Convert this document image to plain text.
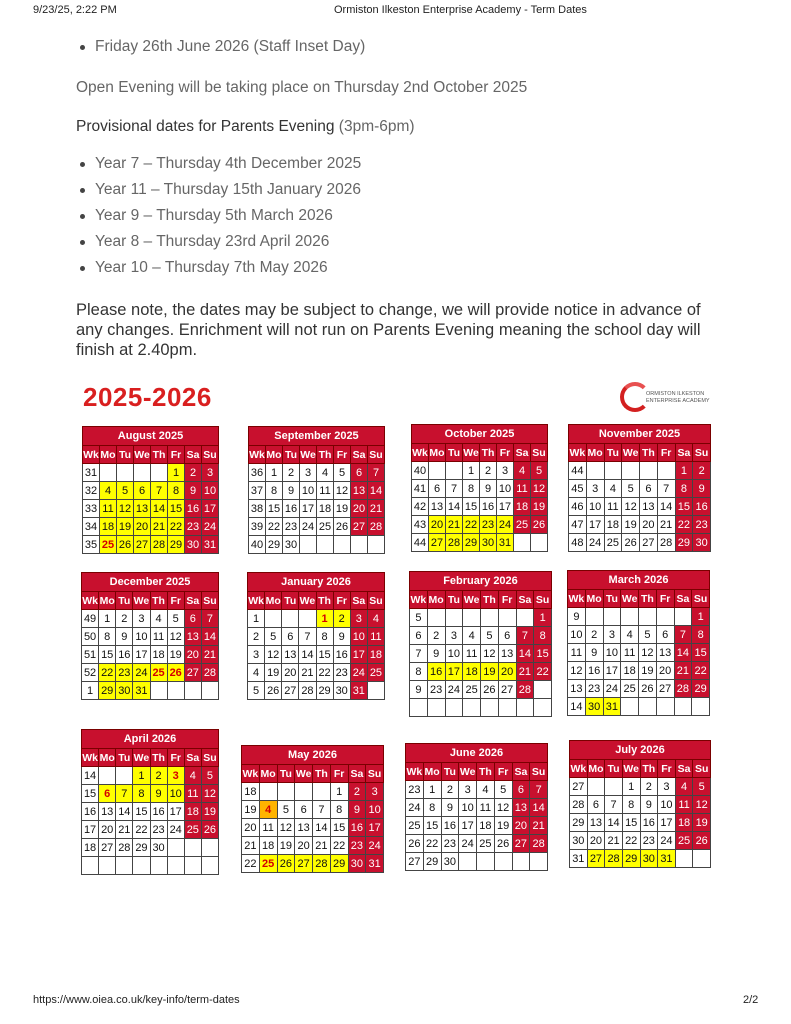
9/23/25, 2:22 PM	Ormiston Ilkeston Enterprise Academy - Term Dates
Friday 26th June 2026 (Staff Inset Day)
Open Evening will be taking place on Thursday 2nd October 2025
Provisional dates for Parents Evening (3pm-6pm)
Year 7 – Thursday 4th December 2025
Year 11 – Thursday 15th January 2026
Year 9 – Thursday 5th March 2026
Year 8 – Thursday 23rd April 2026
Year 10 – Thursday 7th May 2026
Please note, the dates may be subject to change, we will provide notice in advance of any changes. Enrichment will not run on Parents Evening meaning the school day will finish at 2.40pm.
2025-2026	ORMISTON ILKESTON
ENTERPRISE ACADEMY
August 2025							
Wk	Mo	Tu	We	Th	Fr	Sa	Su
31					1	2	3
32	4	5	6	7	8	9	10
33	11	12	13	14	15	16	17
34	18	19	20	21	22	23	24
35	25	26	27	28	29	30	31
September 2025							
Wk	Mo	Tu	We	Th	Fr	Sa	Su
36	1	2	3	4	5	6	7
37	8	9	10	11	12	13	14
38	15	16	17	18	19	20	21
39	22	23	24	25	26	27	28
40	29	30					
October 2025							
Wk	Mo	Tu	We	Th	Fr	Sa	Su
40			1	2	3	4	5
41	6	7	8	9	10	11	12
42	13	14	15	16	17	18	19
43	20	21	22	23	24	25	26
44	27	28	29	30	31		
November 2025							
Wk	Mo	Tu	We	Th	Fr	Sa	Su
44						1	2
45	3	4	5	6	7	8	9
46	10	11	12	13	14	15	16
47	17	18	19	20	21	22	23
48	24	25	26	27	28	29	30
December 2025							
Wk	Mo	Tu	We	Th	Fr	Sa	Su
49	1	2	3	4	5	6	7
50	8	9	10	11	12	13	14
51	15	16	17	18	19	20	21
52	22	23	24	25	26	27	28
1	29	30	31				
January 2026							
Wk	Mo	Tu	We	Th	Fr	Sa	Su
1				1	2	3	4
2	5	6	7	8	9	10	11
3	12	13	14	15	16	17	18
4	19	20	21	22	23	24	25
5	26	27	28	29	30	31	
February 2026							
Wk	Mo	Tu	We	Th	Fr	Sa	Su
5							1
6	2	3	4	5	6	7	8
7	9	10	11	12	13	14	15
8	16	17	18	19	20	21	22
9	23	24	25	26	27	28	

March 2026							
Wk	Mo	Tu	We	Th	Fr	Sa	Su
9							1
10	2	3	4	5	6	7	8
11	9	10	11	12	13	14	15
12	16	17	18	19	20	21	22
13	23	24	25	26	27	28	29
14	30	31					
April 2026							
Wk	Mo	Tu	We	Th	Fr	Sa	Su
14			1	2	3	4	5
15	6	7	8	9	10	11	12
16	13	14	15	16	17	18	19
17	20	21	22	23	24	25	26
18	27	28	29	30			

May 2026							
Wk	Mo	Tu	We	Th	Fr	Sa	Su
18					1	2	3
19	4	5	6	7	8	9	10
20	11	12	13	14	15	16	17
21	18	19	20	21	22	23	24
22	25	26	27	28	29	30	31
June 2026							
Wk	Mo	Tu	We	Th	Fr	Sa	Su
23	1	2	3	4	5	6	7
24	8	9	10	11	12	13	14
25	15	16	17	18	19	20	21
26	22	23	24	25	26	27	28
27	29	30					
July 2026							
Wk	Mo	Tu	We	Th	Fr	Sa	Su
27			1	2	3	4	5
28	6	7	8	9	10	11	12
29	13	14	15	16	17	18	19
30	20	21	22	23	24	25	26
31	27	28	29	30	31		
https://www.oiea.co.uk/key-info/term-dates	2/2
